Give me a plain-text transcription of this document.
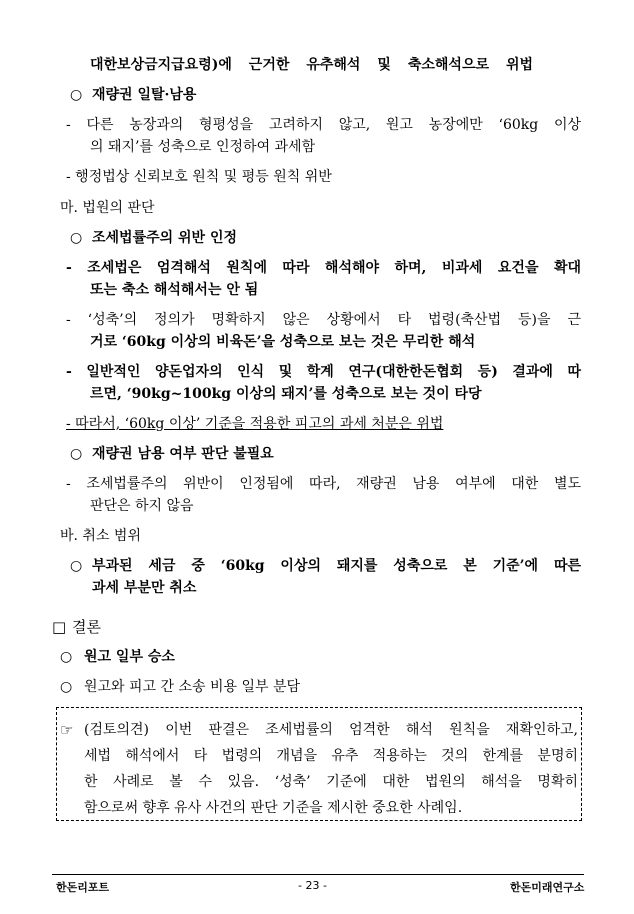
대한보상금지급요령)에 근거한 유추해석 및 축소해석으로 위법
○ 재량권 일탈·남용
- 다른 농장과의 형평성을 고려하지 않고, 원고 농장에만 ‘60kg 이상
의 돼지’를 성축으로 인정하여 과세함
- 행정법상 신뢰보호 원칙 및 평등 원칙 위반
마. 법원의 판단
○ 조세법률주의 위반 인정
- 조세법은 엄격해석 원칙에 따라 해석해야 하며, 비과세 요건을 확대
또는 축소 해석해서는 안 됨
- ‘성축’의 정의가 명확하지 않은 상황에서 타 법령(축산법 등)을 근
거로 ‘60kg 이상의 비육돈’을 성축으로 보는 것은 무리한 해석
- 일반적인 양돈업자의 인식 및 학계 연구(대한한돈협회 등) 결과에 따
르면, ‘90kg~100kg 이상의 돼지’를 성축으로 보는 것이 타당
- 따라서, ‘60kg 이상’ 기준을 적용한 피고의 과세 처분은 위법
○ 재량권 남용 여부 판단 불필요
- 조세법률주의 위반이 인정됨에 따라, 재량권 남용 여부에 대한 별도
판단은 하지 않음
바. 취소 범위
○ 부과된 세금 중 ‘60kg 이상의 돼지를 성축으로 본 기준’에 따른
과세 부분만 취소
□ 결론
○ 원고 일부 승소
○ 원고와 피고 간 소송 비용 일부 분담
☞ (검토의견) 이번 판결은 조세법률의 엄격한 해석 원칙을 재확인하고,
세법 해석에서 타 법령의 개념을 유추 적용하는 것의 한계를 분명히
한 사례로 볼 수 있음. ‘성축’ 기준에 대한 법원의 해석을 명확히
함으로써 향후 유사 사건의 판단 기준을 제시한 중요한 사례임.
한돈리포트	- 23 -	한돈미래연구소
